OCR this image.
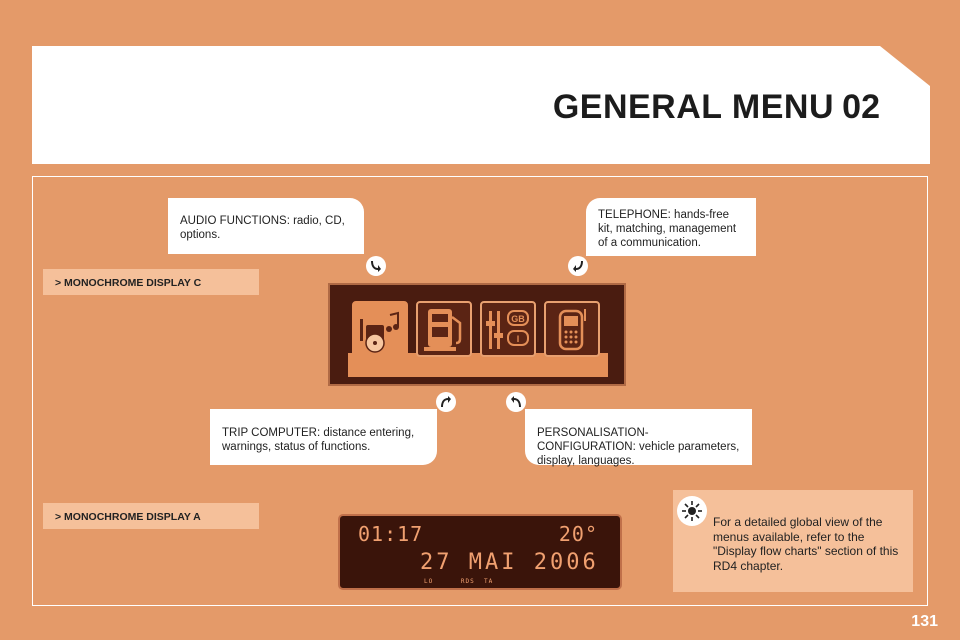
GENERAL MENU 02
AUDIO FUNCTIONS: radio, CD, options.
TELEPHONE: hands-free kit, matching, management of a communication.
TRIP COMPUTER: distance entering, warnings, status of functions.
PERSONALISATION-CONFIGURATION: vehicle parameters, display, languages.
> MONOCHROME DISPLAY C
> MONOCHROME DISPLAY A
GB
I
01:17	20°
27 MAI 2006
LO      RDS  TA
For a detailed global view of the menus available, refer to the "Display flow charts" section of this RD4 chapter.
131
